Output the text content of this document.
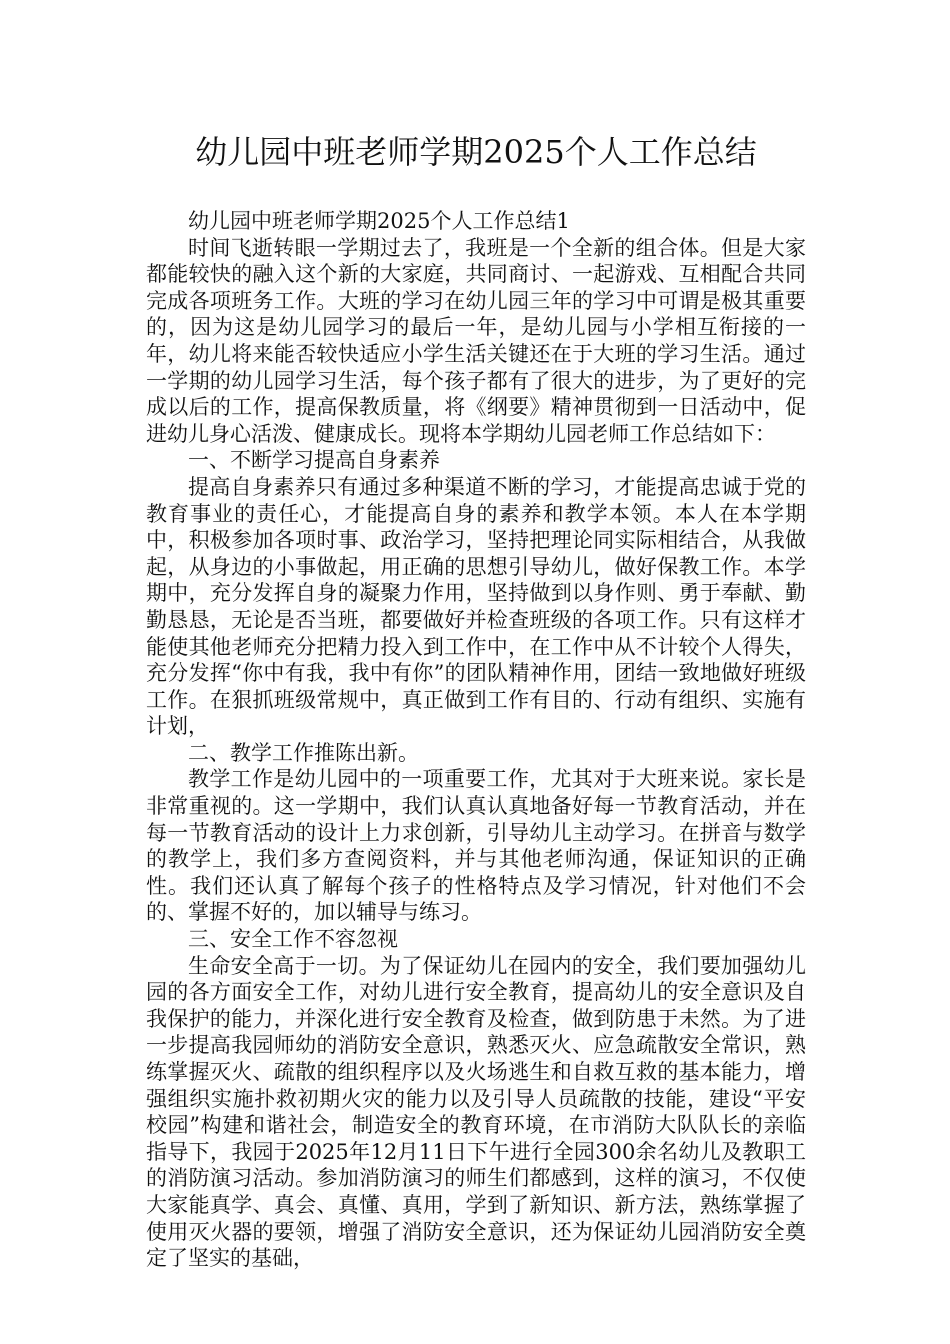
幼儿园中班老师学期2025个人工作总结

幼儿园中班老师学期2025个人工作总结1

时间飞逝转眼一学期过去了，我班是一个全新的组合体。但是大家都能较快的融入这个新的大家庭，共同商讨、一起游戏、互相配合共同完成各项班务工作。大班的学习在幼儿园三年的学习中可谓是极其重要的，因为这是幼儿园学习的最后一年，是幼儿园与小学相互衔接的一年，幼儿将来能否较快适应小学生活关键还在于大班的学习生活。通过一学期的幼儿园学习生活，每个孩子都有了很大的进步，为了更好的完成以后的工作，提高保教质量，将《纲要》精神贯彻到一日活动中，促进幼儿身心活泼、健康成长。现将本学期幼儿园老师工作总结如下：

一、不断学习提高自身素养

提高自身素养只有通过多种渠道不断的学习，才能提高忠诚于党的教育事业的责任心，才能提高自身的素养和教学本领。本人在本学期中，积极参加各项时事、政治学习，坚持把理论同实际相结合，从我做起，从身边的小事做起，用正确的思想引导幼儿，做好保教工作。本学期中，充分发挥自身的凝聚力作用，坚持做到以身作则、勇于奉献、勤勤恳恳，无论是否当班，都要做好并检查班级的各项工作。只有这样才能使其他老师充分把精力投入到工作中，在工作中从不计较个人得失，充分发挥“你中有我，我中有你”的团队精神作用，团结一致地做好班级工作。在狠抓班级常规中，真正做到工作有目的、行动有组织、实施有计划，

二、教学工作推陈出新。

教学工作是幼儿园中的一项重要工作，尤其对于大班来说。家长是非常重视的。这一学期中，我们认真认真地备好每一节教育活动，并在每一节教育活动的设计上力求创新，引导幼儿主动学习。在拼音与数学的教学上，我们多方查阅资料，并与其他老师沟通，保证知识的正确性。我们还认真了解每个孩子的性格特点及学习情况，针对他们不会的、掌握不好的，加以辅导与练习。

三、安全工作不容忽视

生命安全高于一切。为了保证幼儿在园内的安全，我们要加强幼儿园的各方面安全工作，对幼儿进行安全教育，提高幼儿的安全意识及自我保护的能力，并深化进行安全教育及检查，做到防患于未然。为了进一步提高我园师幼的消防安全意识，熟悉灭火、应急疏散安全常识，熟练掌握灭火、疏散的组织程序以及火场逃生和自救互救的基本能力，增强组织实施扑救初期火灾的能力以及引导人员疏散的技能，建设“平安校园”构建和谐社会，制造安全的教育环境，在市消防大队队长的亲临指导下，我园于2025年12月11日下午进行全园300余名幼儿及教职工的消防演习活动。参加消防演习的师生们都感到，这样的演习，不仅使大家能真学、真会、真懂、真用，学到了新知识、新方法，熟练掌握了使用灭火器的要领，增强了消防安全意识，还为保证幼儿园消防安全奠定了坚实的基础，
